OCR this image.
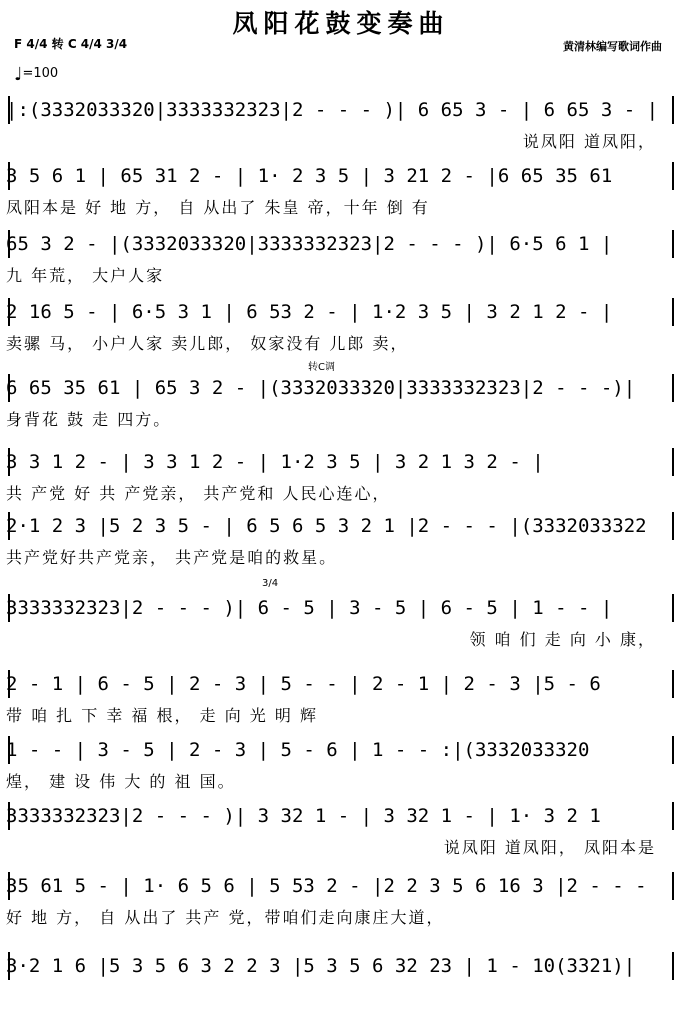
凤阳花鼓变奏曲
F 4/4 转 C 4/4 3/4	黄清林编写歌词作曲
♩=100
|:(3332033320|3333332323|2 - - - )| 6 65 3 - | 6 65 3 - |
说凤阳 道凤阳，
3 5 6 1 | 65 31 2 - | 1· 2 3 5 | 3 21 2 - |6 65 35 61
凤阳本是 好 地 方， 自 从出了 朱皇 帝，十年 倒 有
65 3 2 - |(3332033320|3333332323|2 - - - )| 6·5 6 1 |
九 年荒， 大户人家
2 16 5 - | 6·5 3 1 | 6 53 2 - | 1·2 3 5 | 3 2 1 2 - |
卖骡 马， 小户人家 卖儿郎， 奴家没有 儿郎 卖，
转C调
6 65 35 61 | 65 3 2 - |(3332033320|3333332323|2 - - -)|
身背花 鼓 走 四方。
3 3 1 2 - | 3 3 1 2 - | 1·2 3 5 | 3 2 1 3 2 - |
共 产党 好 共 产党亲， 共产党和 人民心连心，
2·1 2 3 |5 2 3 5 - | 6 5 6 5 3 2 1 |2 - - - |(3332033322
共产党好共产党亲， 共产党是咱的救星。
3/4
3333332323|2 - - - )| 6 - 5 | 3 - 5 | 6 - 5 | 1 - - |
领 咱 们 走 向 小 康，
2 - 1 | 6 - 5 | 2 - 3 | 5 - - | 2 - 1 | 2 - 3 |5 - 6
带 咱 扎 下 幸 福 根， 走 向 光 明 辉
1 - - | 3 - 5 | 2 - 3 | 5 - 6 | 1 - - :|(3332033320
煌， 建 设 伟 大 的 祖 国。
3333332323|2 - - - )| 3 32 1 - | 3 32 1 - | 1· 3 2 1
说凤阳 道凤阳， 凤阳本是
35 61 5 - | 1· 6 5 6 | 5 53 2 - |2 2 3 5 6 16 3 |2 - - -
好 地 方， 自 从出了 共产 党，带咱们走向康庄大道，
3·2 1 6 |5 3 5 6 3 2 2 3 |5 3 5 6 32 23 | 1 - 10(3321)|
